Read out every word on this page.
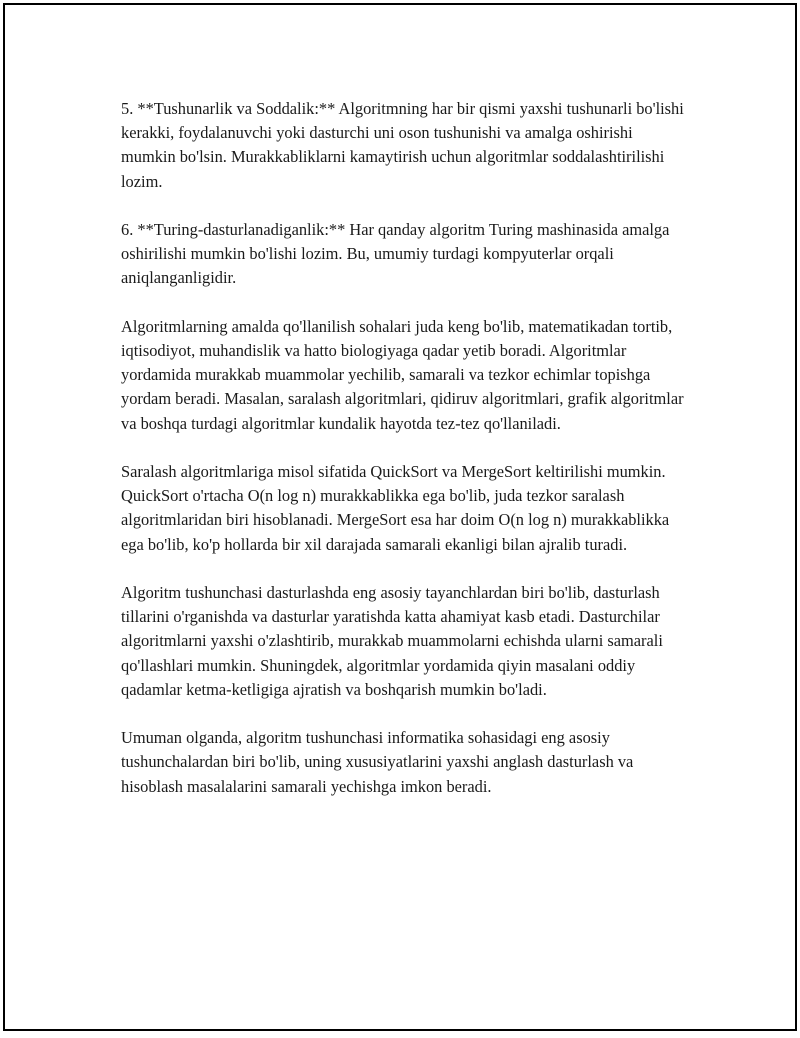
5. **Tushunarlik va Soddalik:** Algoritmning har bir qismi yaxshi tushunarli bo'lishi kerakki, foydalanuvchi yoki dasturchi uni oson tushunishi va amalga oshirishi mumkin bo'lsin. Murakkabliklarni kamaytirish uchun algoritmlar soddalashtirilishi lozim.

6. **Turing-dasturlanadiganlik:** Har qanday algoritm Turing mashinasida amalga oshirilishi mumkin bo'lishi lozim. Bu, umumiy turdagi kompyuterlar orqali aniqlanganligidir.

Algoritmlarning amalda qo'llanilish sohalari juda keng bo'lib, matematikadan tortib, iqtisodiyot, muhandislik va hatto biologiyaga qadar yetib boradi. Algoritmlar yordamida murakkab muammolar yechilib, samarali va tezkor echimlar topishga yordam beradi. Masalan, saralash algoritmlari, qidiruv algoritmlari, grafik algoritmlar va boshqa turdagi algoritmlar kundalik hayotda tez-tez qo'llaniladi.

Saralash algoritmlariga misol sifatida QuickSort va MergeSort keltirilishi mumkin. QuickSort o'rtacha O(n log n) murakkablikka ega bo'lib, juda tezkor saralash algoritmlaridan biri hisoblanadi. MergeSort esa har doim O(n log n) murakkablikka ega bo'lib, ko'p hollarda bir xil darajada samarali ekanligi bilan ajralib turadi.

Algoritm tushunchasi dasturlashda eng asosiy tayanchlardan biri bo'lib, dasturlash tillarini o'rganishda va dasturlar yaratishda katta ahamiyat kasb etadi. Dasturchilar algoritmlarni yaxshi o'zlashtirib, murakkab muammolarni echishda ularni samarali qo'llashlari mumkin. Shuningdek, algoritmlar yordamida qiyin masalani oddiy qadamlar ketma-ketligiga ajratish va boshqarish mumkin bo'ladi.

Umuman olganda, algoritm tushunchasi informatika sohasidagi eng asosiy tushunchalardan biri bo'lib, uning xususiyatlarini yaxshi anglash dasturlash va hisoblash masalalarini samarali yechishga imkon beradi.
